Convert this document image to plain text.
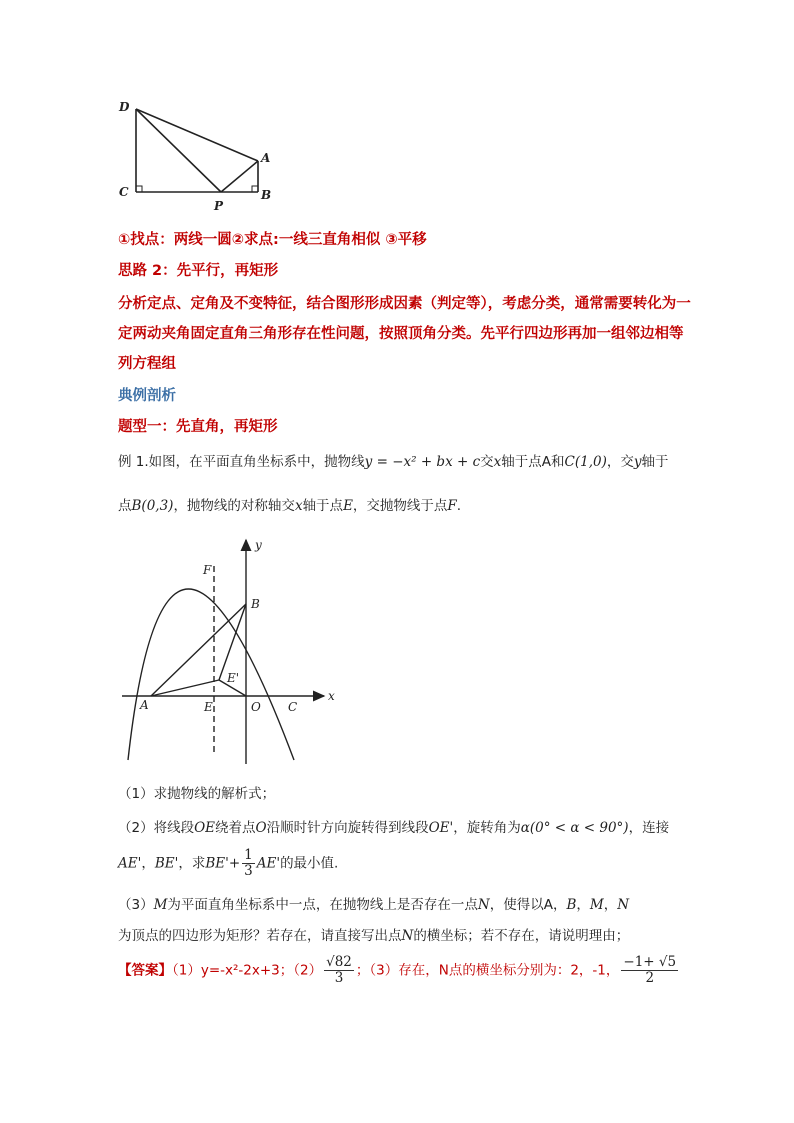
D
A
C
P
B
①找点：两线一圆②求点:一线三直角相似 ③平移
思路 2：先平行，再矩形
分析定点、定角及不变特征，结合图形形成因素（判定等），考虑分类，通常需要转化为一
定两动夹角固定直角三角形存在性问题，按照顶角分类。先平行四边形再加一组邻边相等
列方程组
典例剖析
题型一：先直角，再矩形
例 1.如图，在平面直角坐标系中，抛物线y = −x² + bx + c交x轴于点A和C(1,0)，交y轴于
点B(0,3)，抛物线的对称轴交x轴于点E，交抛物线于点F.
y
x
F
B
E'
A	E	O C
（1）求抛物线的解析式；
（2）将线段OE绕着点O沿顺时针方向旋转得到线段OE'，旋转角为α(0° < α < 90°)，连接
AE'，BE'，求$BE'+ \frac{1}{3} AE'$的最小值.
（3）M为平面直角坐标系中一点，在抛物线上是否存在一点N，使得以A，B，M，N
为顶点的四边形为矩形？若存在，请直接写出点N的横坐标；若不存在，请说明理由；
【答案】（1）y=-x²-2x+3；$(2) \frac{√82}{3}$ ；（3）存在，N点的横坐标分别为：2，-1， $\frac{-1+ √5}{2}$
